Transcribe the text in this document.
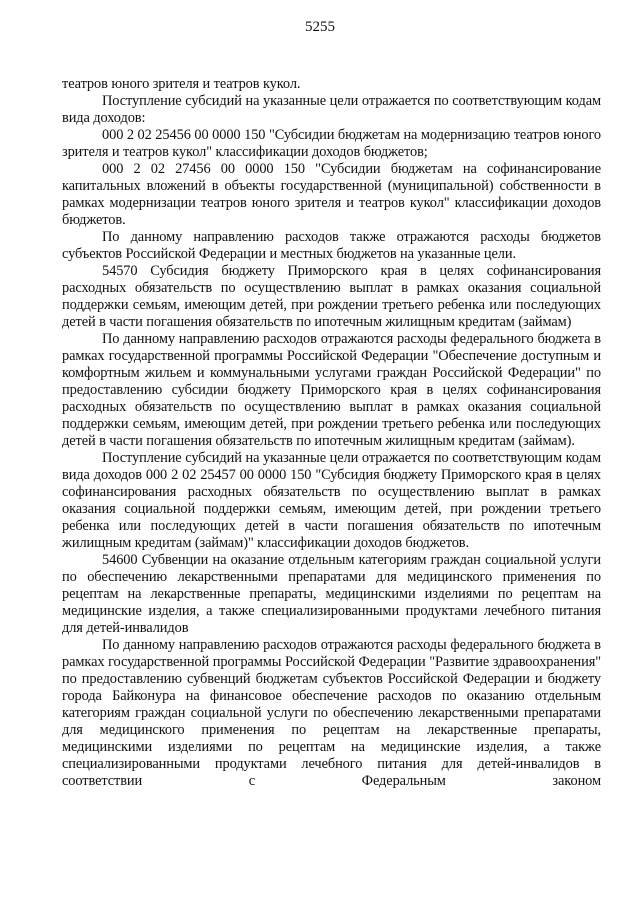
5255

театров юного зрителя и театров кукол.

Поступление субсидий на указанные цели отражается по соответствующим кодам вида доходов:

000 2 02 25456 00 0000 150 "Субсидии бюджетам на модернизацию театров юного зрителя и театров кукол" классификации доходов бюджетов;

000 2 02 27456 00 0000 150 "Субсидии бюджетам на софинансирование капитальных вложений в объекты государственной (муниципальной) собственности в рамках модернизации театров юного зрителя и театров кукол" классификации доходов бюджетов.

По данному направлению расходов также отражаются расходы бюджетов субъектов Российской Федерации и местных бюджетов на указанные цели.

54570 Субсидия бюджету Приморского края в целях софинансирования расходных обязательств по осуществлению выплат в рамках оказания социальной поддержки семьям, имеющим детей, при рождении третьего ребенка или последующих детей в части погашения обязательств по ипотечным жилищным кредитам (займам)

По данному направлению расходов отражаются расходы федерального бюджета в рамках государственной программы Российской Федерации "Обеспечение доступным и комфортным жильем и коммунальными услугами граждан Российской Федерации" по предоставлению субсидии бюджету Приморского края в целях софинансирования расходных обязательств по осуществлению выплат в рамках оказания социальной поддержки семьям, имеющим детей, при рождении третьего ребенка или последующих детей в части погашения обязательств по ипотечным жилищным кредитам (займам).

Поступление субсидий на указанные цели отражается по соответствующим кодам вида доходов 000 2 02 25457 00 0000 150 "Субсидия бюджету Приморского края в целях софинансирования расходных обязательств по осуществлению выплат в рамках оказания социальной поддержки семьям, имеющим детей, при рождении третьего ребенка или последующих детей в части погашения обязательств по ипотечным жилищным кредитам (займам)" классификации доходов бюджетов.

54600 Субвенции на оказание отдельным категориям граждан социальной услуги по обеспечению лекарственными препаратами для медицинского применения по рецептам на лекарственные препараты, медицинскими изделиями по рецептам на медицинские изделия, а также специализированными продуктами лечебного питания для детей-инвалидов

По данному направлению расходов отражаются расходы федерального бюджета в рамках государственной программы Российской Федерации "Развитие здравоохранения" по предоставлению субвенций бюджетам субъектов Российской Федерации и бюджету города Байконура на финансовое обеспечение расходов по оказанию отдельным категориям граждан социальной услуги по обеспечению лекарственными препаратами для медицинского применения по рецептам на лекарственные препараты, медицинскими изделиями по рецептам на медицинские изделия, а также специализированными продуктами лечебного питания для детей-инвалидов в соответствии с Федеральным законом
